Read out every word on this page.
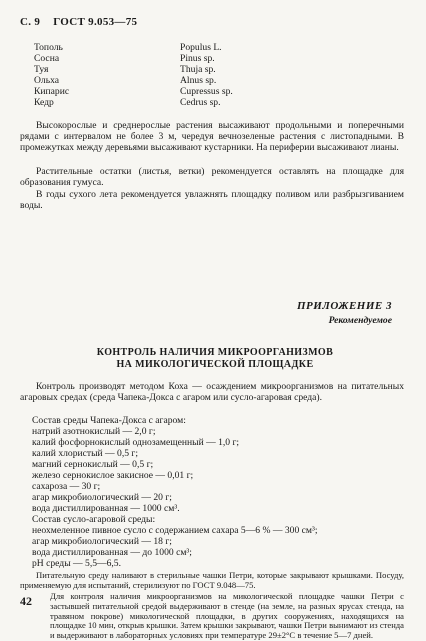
С. 9 ГОСТ 9.053—75
Тополь	Populus L.
Сосна	Pinus sp.
Туя	Thuja sp.
Ольха	Alnus sp.
Кипарис	Cupressus sp.
Кедр	Cedrus sp.
Высокорослые и среднерослые растения высаживают продольными и поперечными рядами с интервалом не более 3 м, чередуя вечнозеленые растения с листопадными. В промежутках между деревьями высаживают кустарники. На периферии высаживают лианы.
Растительные остатки (листья, ветки) рекомендуется оставлять на площадке для образования гумуса.
В годы сухого лета рекомендуется увлажнять площадку поливом или разбрызгиванием воды.
ПРИЛОЖЕНИЕ 3
Рекомендуемое
КОНТРОЛЬ НАЛИЧИЯ МИКРООРГАНИЗМОВ
НА МИКОЛОГИЧЕСКОЙ ПЛОЩАДКЕ
Контроль производят методом Коха — осаждением микроорганизмов на питательных агаровых средах (среда Чапека-Докса с агаром или сусло-агаровая среда).
Состав среды Чапека-Докса с агаром:
натрий азотнокислый — 2,0 г;
калий фосфорнокислый однозамещенный — 1,0 г;
калий хлористый — 0,5 г;
магний сернокислый — 0,5 г;
железо сернокислое закисное — 0,01 г;
сахароза — 30 г;
агар микробиологический — 20 г;
вода дистиллированная — 1000 см³.
Состав сусло-агаровой среды:
неохмеленное пивное сусло с содержанием сахара 5—6 % — 300 см³;
агар микробиологический — 18 г;
вода дистиллированная — до 1000 см³;
pH среды — 5,5—6,5.
Питательную среду наливают в стерильные чашки Петри, которые закрывают крышками. Посуду, применяемую для испытаний, стерилизуют по ГОСТ 9.048—75.
Для контроля наличия микроорганизмов на микологической площадке чашки Петри с застывшей питательной средой выдерживают в стенде (на земле, на разных ярусах стенда, на травяном покрове) микологической площадки, в других сооружениях, находящихся на площадке 10 мин, открыв крышки. Затем крышки закрывают, чашки Петри вынимают из стенда и выдерживают в лабораторных условиях при температуре 29±2°С в течение 5—7 дней.
42
